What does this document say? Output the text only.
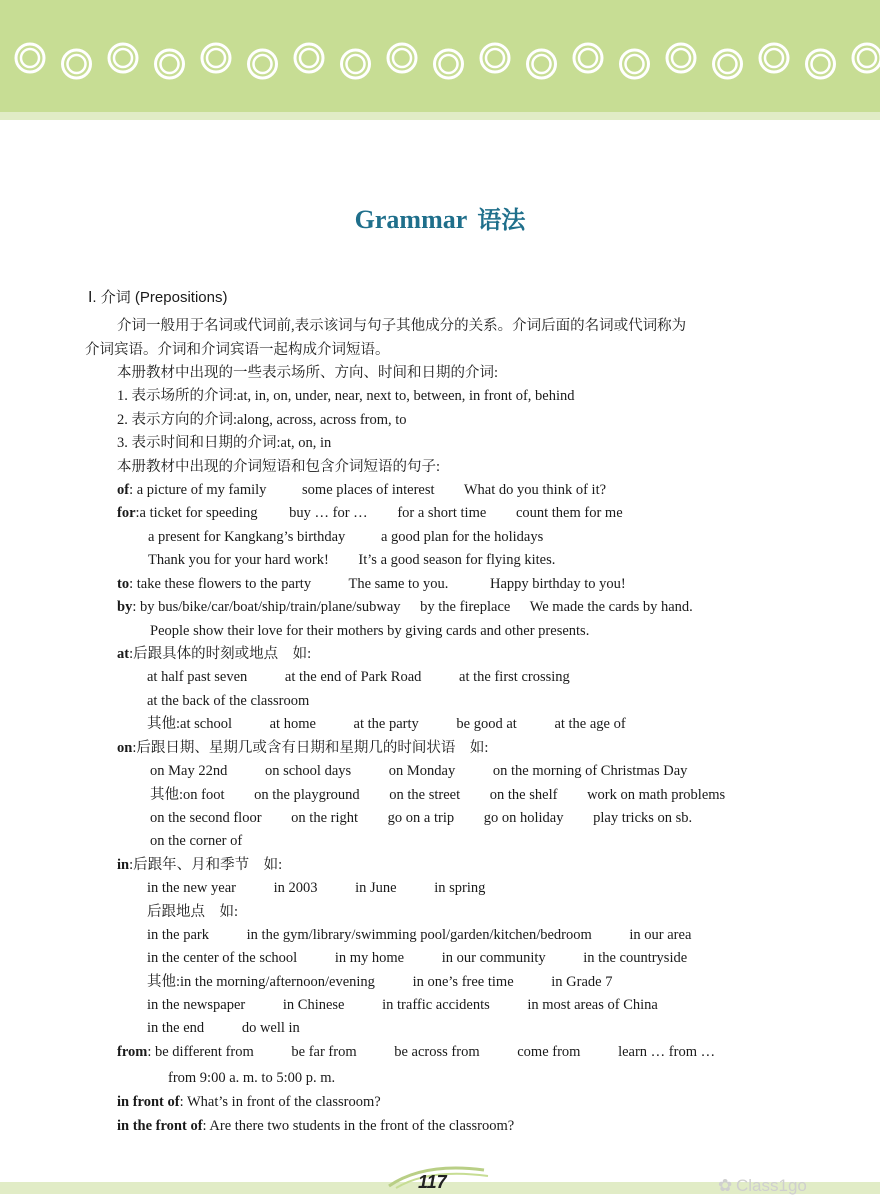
Grammar 语法
Ⅰ. 介词 (Prepositions)
介词一般用于名词或代词前,表示该词与句子其他成分的关系。介词后面的名词或代词称为
介词宾语。介词和介词宾语一起构成介词短语。
本册教材中出现的一些表示场所、方向、时间和日期的介词:
1. 表示场所的介词:at, in, on, under, near, next to, between, in front of, behind
2. 表示方向的介词:along, across, across from, to
3. 表示时间和日期的介词:at, on, in
本册教材中出现的介词短语和包含介词短语的句子:
of: a picture of my family some places of interest What do you think of it?
for:a ticket for speeding buy … for … for a short time count them for me
a present for Kangkang’s birthday a good plan for the holidays
Thank you for your hard work! It’s a good season for flying kites.
to: take these flowers to the party	The same to you.	Happy birthday to you!
by: by bus/bike/car/boat/ship/train/plane/subway by the fireplace We made the cards by hand.
People show their love for their mothers by giving cards and other presents.
at:后跟具体的时刻或地点　如:
at half past seven	at the end of Park Road	at the first crossing
at the back of the classroom
其他:at school	at home	at the party	be good at	at the age of
on:后跟日期、星期几或含有日期和星期几的时间状语　如:
on May 22nd	on school days	on Monday	on the morning of Christmas Day
其他:on foot on the playground on the street on the shelf work on math problems
on the second floor on the right go on a trip go on holiday play tricks on sb.
on the corner of
in:后跟年、月和季节　如:
in the new year	in 2003	in June	in spring
后跟地点　如:
in the park	in the gym/library/swimming pool/garden/kitchen/bedroom	in our area
in the center of the school	in my home	in our community	in the countryside
其他:in the morning/afternoon/evening	in one’s free time	in Grade 7
in the newspaper	in Chinese	in traffic accidents	in most areas of China
in the end	do well in
from: be different from	be far from	be across from	come from	learn … from …
from 9:00 a. m. to 5:00 p. m.
in front of: What’s in front of the classroom?
in the front of: Are there two students in the front of the classroom?
117	✿ Class1go
